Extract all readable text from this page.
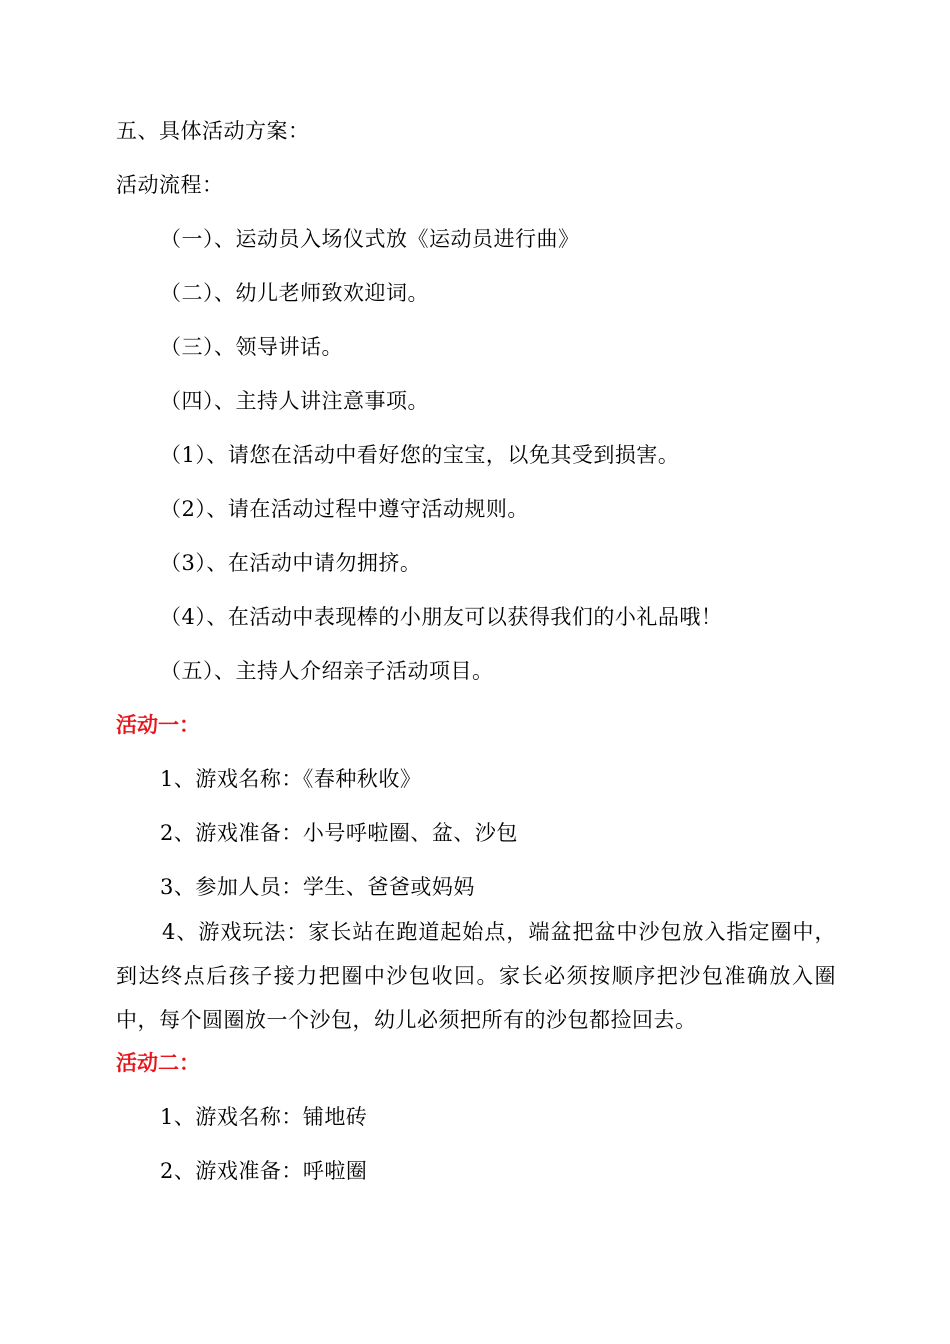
五、具体活动方案：
活动流程：
（一）、运动员入场仪式放《运动员进行曲》
（二）、幼儿老师致欢迎词。
（三）、领导讲话。
（四）、主持人讲注意事项。
（1）、请您在活动中看好您的宝宝，以免其受到损害。
（2）、请在活动过程中遵守活动规则。
（3）、在活动中请勿拥挤。
（4）、在活动中表现棒的小朋友可以获得我们的小礼品哦！
（五）、主持人介绍亲子活动项目。
活动一：
1、游戏名称：《春种秋收》
2、游戏准备：小号呼啦圈、盆、沙包
3、参加人员：学生、爸爸或妈妈
4、游戏玩法：家长站在跑道起始点，端盆把盆中沙包放入指定圈中，到达终点后孩子接力把圈中沙包收回。家长必须按顺序把沙包准确放入圈中，每个圆圈放一个沙包，幼儿必须把所有的沙包都捡回去。
活动二：
1、游戏名称：铺地砖
2、游戏准备：呼啦圈
